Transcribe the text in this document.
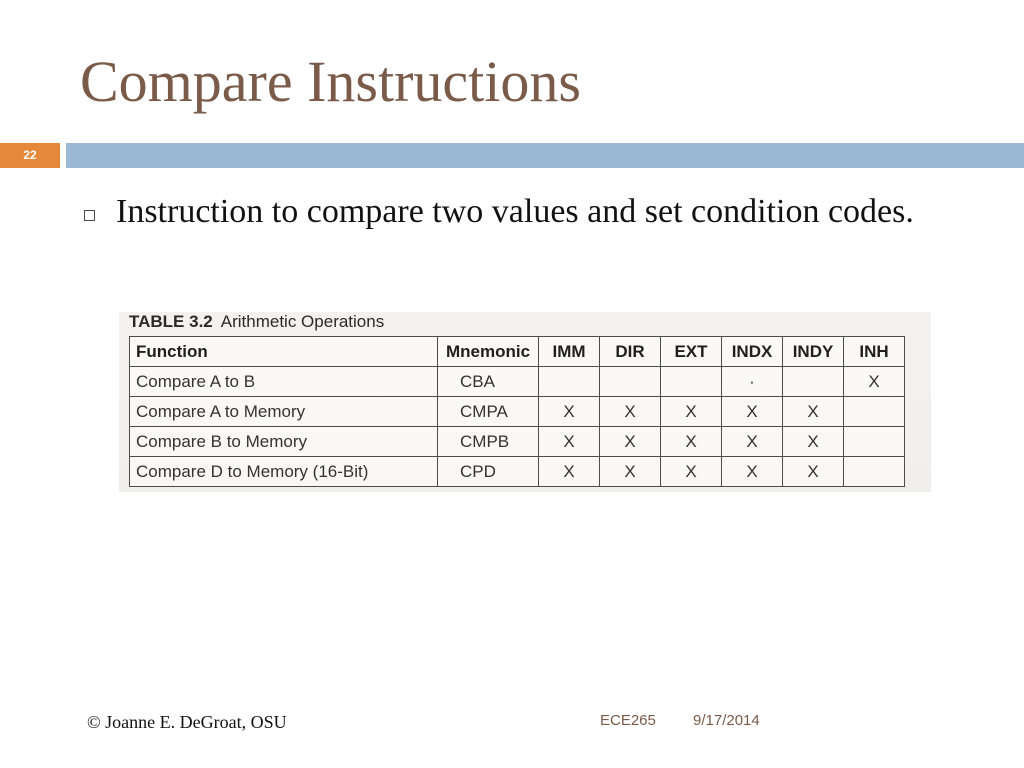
Compare Instructions
22
Instruction to compare two values and set condition codes.
TABLE 3.2 Arithmetic Operations
Function	Mnemonic	IMM	DIR	EXT	INDX	INDY	INH
Compare A to B	CBA				·		X
Compare A to Memory	CMPA	X	X	X	X	X	
Compare B to Memory	CMPB	X	X	X	X	X	
Compare D to Memory (16-Bit)	CPD	X	X	X	X	X	
© Joanne E. DeGroat, OSU	ECE265 9/17/2014
